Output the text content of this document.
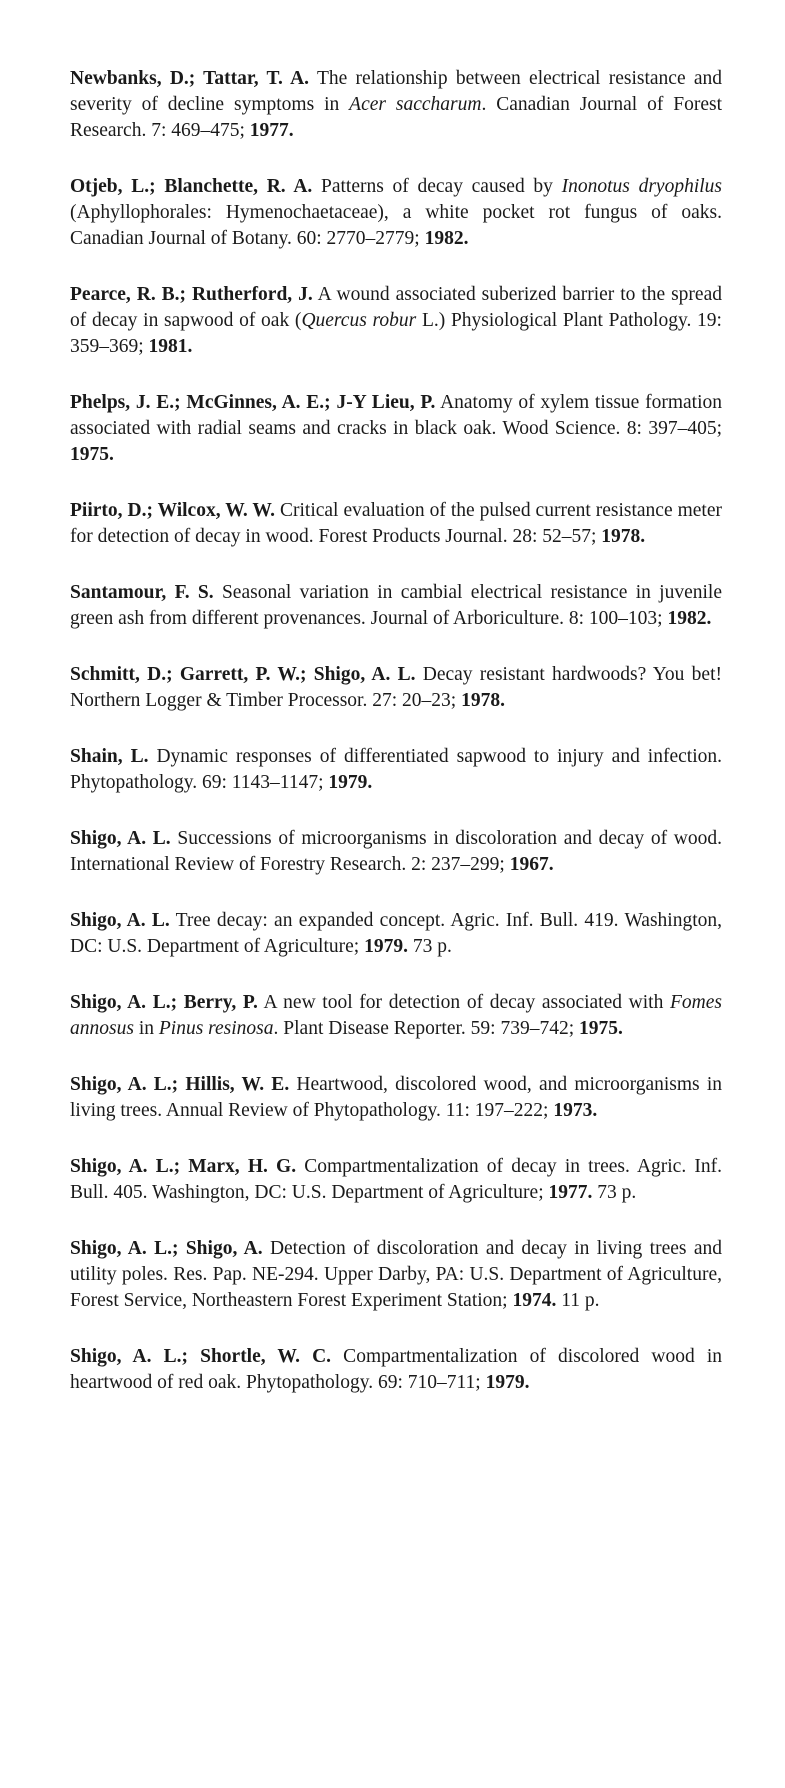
Newbanks, D.; Tattar, T. A. The relationship between electrical resistance and severity of decline symptoms in Acer saccharum. Canadian Journal of Forest Research. 7: 469–475; 1977.
Otjeb, L.; Blanchette, R. A. Patterns of decay caused by Inonotus dryophilus (Aphyllophorales: Hymenochaetaceae), a white pocket rot fungus of oaks. Canadian Journal of Botany. 60: 2770–2779; 1982.
Pearce, R. B.; Rutherford, J. A wound associated suberized barrier to the spread of decay in sapwood of oak (Quercus robur L.) Physiological Plant Pathology. 19: 359–369; 1981.
Phelps, J. E.; McGinnes, A. E.; J-Y Lieu, P. Anatomy of xylem tissue formation associated with radial seams and cracks in black oak. Wood Science. 8: 397–405; 1975.
Piirto, D.; Wilcox, W. W. Critical evaluation of the pulsed current resistance meter for detection of decay in wood. Forest Products Journal. 28: 52–57; 1978.
Santamour, F. S. Seasonal variation in cambial electrical resistance in juvenile green ash from different provenances. Journal of Arboriculture. 8: 100–103; 1982.
Schmitt, D.; Garrett, P. W.; Shigo, A. L. Decay resistant hardwoods? You bet! Northern Logger & Timber Processor. 27: 20–23; 1978.
Shain, L. Dynamic responses of differentiated sapwood to injury and infection. Phytopathology. 69: 1143–1147; 1979.
Shigo, A. L. Successions of microorganisms in discoloration and decay of wood. International Review of Forestry Research. 2: 237–299; 1967.
Shigo, A. L. Tree decay: an expanded concept. Agric. Inf. Bull. 419. Washington, DC: U.S. Department of Agriculture; 1979. 73 p.
Shigo, A. L.; Berry, P. A new tool for detection of decay associated with Fomes annosus in Pinus resinosa. Plant Disease Reporter. 59: 739–742; 1975.
Shigo, A. L.; Hillis, W. E. Heartwood, discolored wood, and microorganisms in living trees. Annual Review of Phytopathology. 11: 197–222; 1973.
Shigo, A. L.; Marx, H. G. Compartmentalization of decay in trees. Agric. Inf. Bull. 405. Washington, DC: U.S. Department of Agriculture; 1977. 73 p.
Shigo, A. L.; Shigo, A. Detection of discoloration and decay in living trees and utility poles. Res. Pap. NE-294. Upper Darby, PA: U.S. Department of Agriculture, Forest Service, Northeastern Forest Experiment Station; 1974. 11 p.
Shigo, A. L.; Shortle, W. C. Compartmentalization of discolored wood in heartwood of red oak. Phytopathology. 69: 710–711; 1979.
